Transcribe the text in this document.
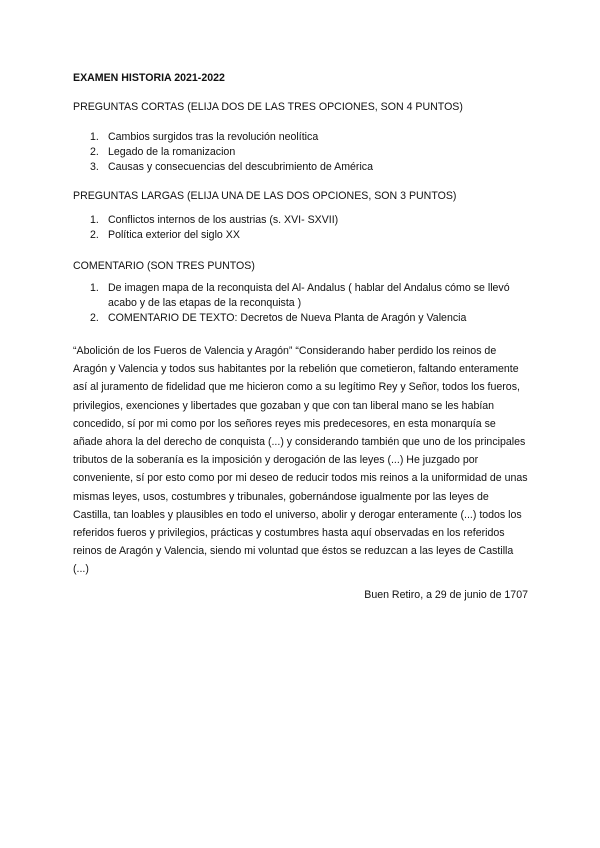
EXAMEN HISTORIA 2021-2022
PREGUNTAS CORTAS (ELIJA DOS DE LAS TRES OPCIONES, SON 4 PUNTOS)
1. Cambios surgidos tras la revolución neolítica
2. Legado de la romanizacion
3. Causas y consecuencias del descubrimiento de América
PREGUNTAS LARGAS (ELIJA UNA DE LAS DOS OPCIONES, SON 3 PUNTOS)
1. Conflictos internos de los austrias (s. XVI- SXVII)
2. Política exterior del siglo XX
COMENTARIO (SON TRES PUNTOS)
1. De imagen mapa de la reconquista del Al- Andalus ( hablar del Andalus cómo se llevó acabo y de las etapas de la reconquista )
2. COMENTARIO DE TEXTO: Decretos de Nueva Planta de Aragón y Valencia
“Abolición de los Fueros de Valencia y Aragón” “Considerando haber perdido los reinos de Aragón y Valencia y todos sus habitantes por la rebelión que cometieron, faltando enteramente así al juramento de fidelidad que me hicieron como a su legítimo Rey y Señor, todos los fueros, privilegios, exenciones y libertades que gozaban y que con tan liberal mano se les habían concedido, sí por mi como por los señores reyes mis predecesores, en esta monarquía se añade ahora la del derecho de conquista (...) y considerando también que uno de los principales tributos de la soberanía es la imposición y derogación de las leyes (...) He juzgado por conveniente, sí por esto como por mi deseo de reducir todos mis reinos a la uniformidad de unas mismas leyes, usos, costumbres y tribunales, gobernándose igualmente por las leyes de Castilla, tan loables y plausibles en todo el universo, abolir y derogar enteramente (...) todos los referidos fueros y privilegios, prácticas y costumbres hasta aquí observadas en los referidos reinos de Aragón y Valencia, siendo mi voluntad que éstos se reduzcan a las leyes de Castilla (...)
Buen Retiro, a 29 de junio de 1707
